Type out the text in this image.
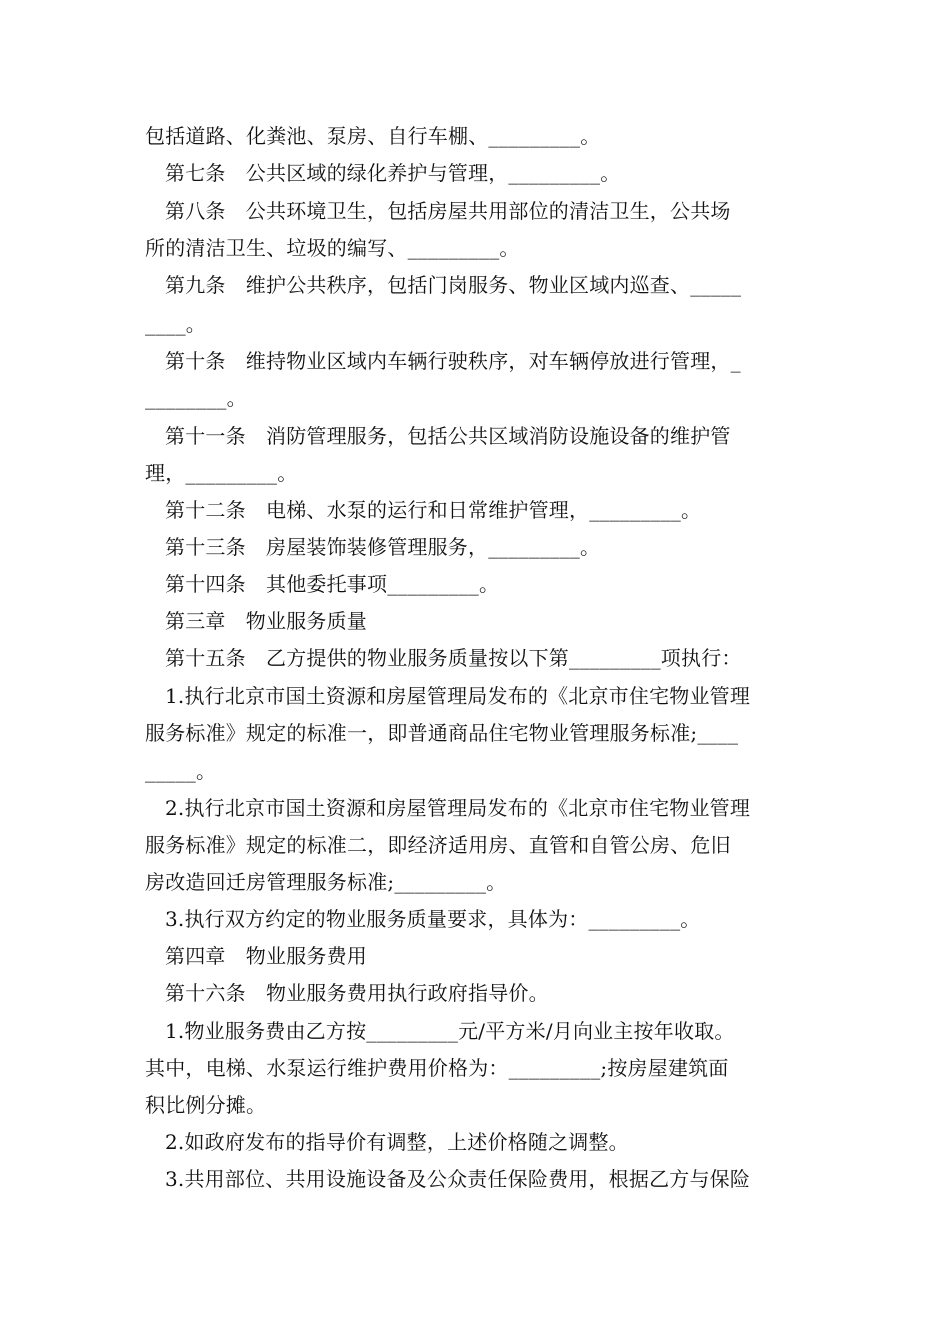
包括道路、化粪池、泵房、自行车棚、_________。
第七条　公共区域的绿化养护与管理，_________。
第八条　公共环境卫生，包括房屋共用部位的清洁卫生，公共场
所的清洁卫生、垃圾的编写、_________。
第九条　维护公共秩序，包括门岗服务、物业区域内巡查、_____
____。
第十条　维持物业区域内车辆行驶秩序，对车辆停放进行管理，_
________。
第十一条　消防管理服务，包括公共区域消防设施设备的维护管
理，_________。
第十二条　电梯、水泵的运行和日常维护管理，_________。
第十三条　房屋装饰装修管理服务，_________。
第十四条　其他委托事项_________。
第三章　物业服务质量
第十五条　乙方提供的物业服务质量按以下第_________项执行：
1.执行北京市国土资源和房屋管理局发布的《北京市住宅物业管理
服务标准》规定的标准一，即普通商品住宅物业管理服务标准;____
_____。
2.执行北京市国土资源和房屋管理局发布的《北京市住宅物业管理
服务标准》规定的标准二，即经济适用房、直管和自管公房、危旧
房改造回迁房管理服务标准;_________。
3.执行双方约定的物业服务质量要求，具体为：_________。
第四章　物业服务费用
第十六条　物业服务费用执行政府指导价。
1.物业服务费由乙方按_________元/平方米/月向业主按年收取。
其中，电梯、水泵运行维护费用价格为：_________;按房屋建筑面
积比例分摊。
2.如政府发布的指导价有调整，上述价格随之调整。
3.共用部位、共用设施设备及公众责任保险费用，根据乙方与保险
